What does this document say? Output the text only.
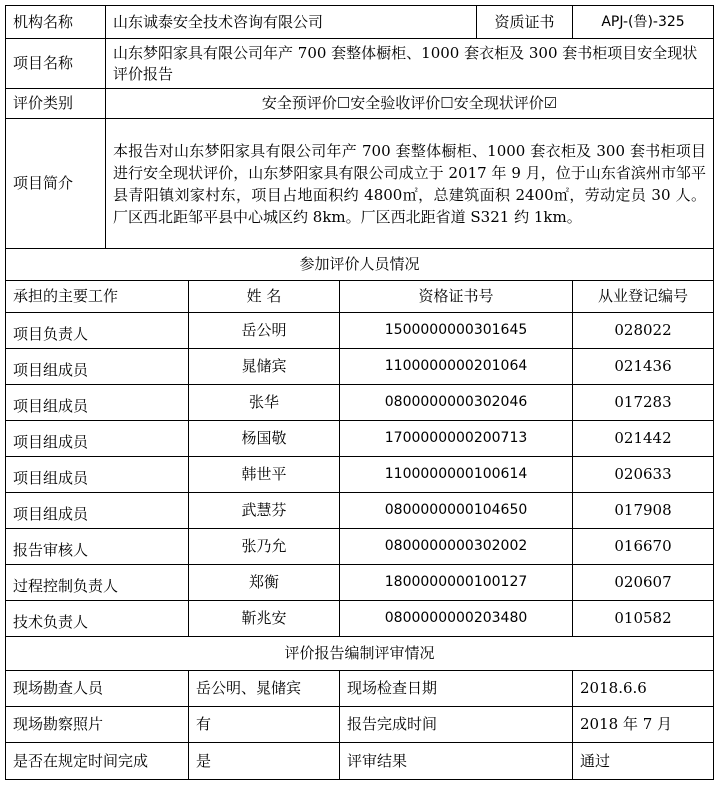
机构名称	山东诚泰安全技术咨询有限公司			资质证书	APJ-(鲁)-325
项目名称	山东梦阳家具有限公司年产 700 套整体橱柜、1000 套衣柜及 300 套书柜项目安全现状评价报告				
评价类别	安全预评价☐安全验收评价☐安全现状评价☑				
项目简介	本报告对山东梦阳家具有限公司年产 700 套整体橱柜、1000 套衣柜及 300 套书柜项目进行安全现状评价，山东梦阳家具有限公司成立于 2017 年 9 月，位于山东省滨州市邹平县青阳镇刘家村东，项目占地面积约 4800㎡，总建筑面积 2400㎡，劳动定员 30 人。厂区西北距邹平县中心城区约 8km。厂区西北距省道 S321 约 1km。				
参加评价人员情况					
承担的主要工作		姓 名	资格证书号		从业登记编号
项目负责人		岳公明	1500000000301645		028022
项目组成员		晁储宾	1100000000201064		021436
项目组成员		张华	0800000000302046		017283
项目组成员		杨国敬	1700000000200713		021442
项目组成员		韩世平	1100000000100614		020633
项目组成员		武慧芬	0800000000104650		017908
报告审核人		张乃允	0800000000302002		016670
过程控制负责人		郑衡	1800000000100127		020607
技术负责人		靳兆安	0800000000203480		010582
评价报告编制评审情况					
现场勘查人员		岳公明、晁储宾	现场检查日期		2018.6.6
现场勘察照片		有	报告完成时间		2018 年 7 月
是否在规定时间完成		是	评审结果		通过
